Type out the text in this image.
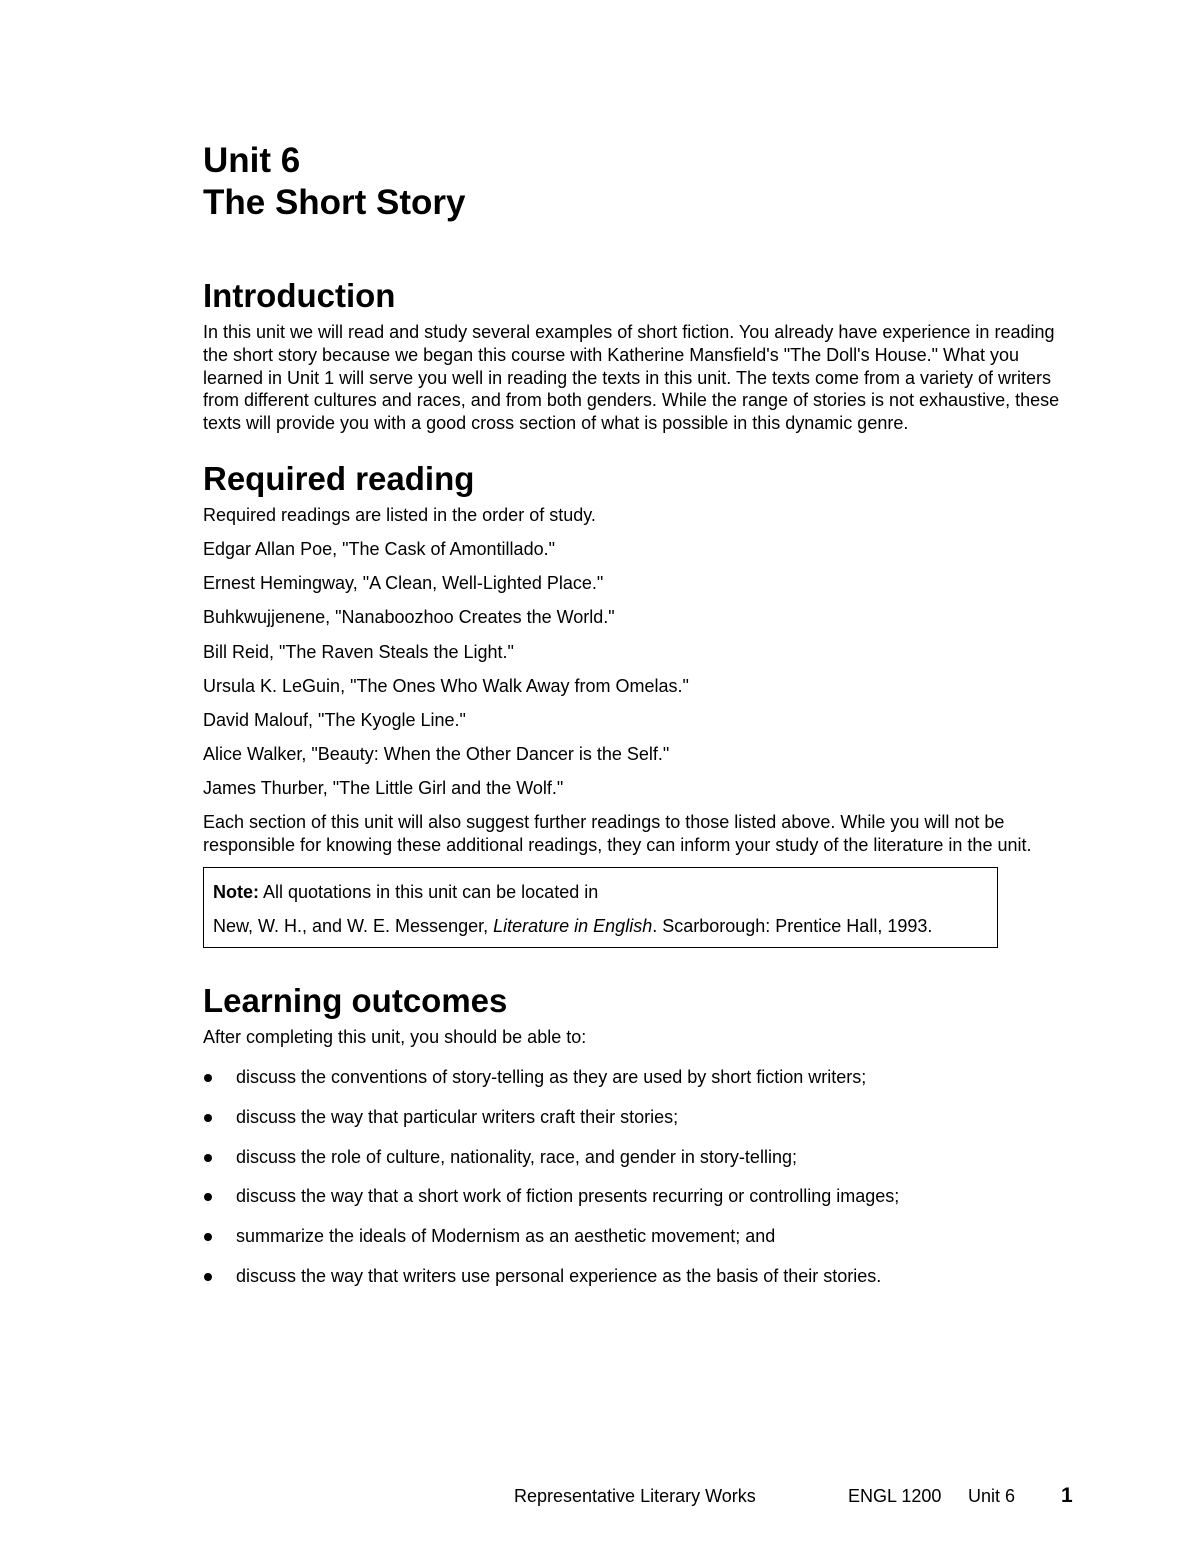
Unit 6
The Short Story
Introduction

In this unit we will read and study several examples of short fiction. You already have experience in reading the short story because we began this course with Katherine Mansfield's "The Doll's House." What you learned in Unit 1 will serve you well in reading the texts in this unit. The texts come from a variety of writers from different cultures and races, and from both genders. While the range of stories is not exhaustive, these texts will provide you with a good cross section of what is possible in this dynamic genre.

Required reading

Required readings are listed in the order of study.

Edgar Allan Poe, "The Cask of Amontillado."
Ernest Hemingway, "A Clean, Well-Lighted Place."
Buhkwujjenene, "Nanaboozhoo Creates the World."
Bill Reid, "The Raven Steals the Light."
Ursula K. LeGuin, "The Ones Who Walk Away from Omelas."
David Malouf, "The Kyogle Line."
Alice Walker, "Beauty: When the Other Dancer is the Self."
James Thurber, "The Little Girl and the Wolf."

Each section of this unit will also suggest further readings to those listed above. While you will not be responsible for knowing these additional readings, they can inform your study of the literature in the unit.

Note: All quotations in this unit can be located in

New, W. H., and W. E. Messenger, Literature in English. Scarborough: Prentice Hall, 1993.

Learning outcomes

After completing this unit, you should be able to:

discuss the conventions of story-telling as they are used by short fiction writers;
discuss the way that particular writers craft their stories;
discuss the role of culture, nationality, race, and gender in story-telling;
discuss the way that a short work of fiction presents recurring or controlling images;
summarize the ideals of Modernism as an aesthetic movement; and
discuss the way that writers use personal experience as the basis of their stories.
Representative Literary Works	ENGL 1200 Unit 6 1
